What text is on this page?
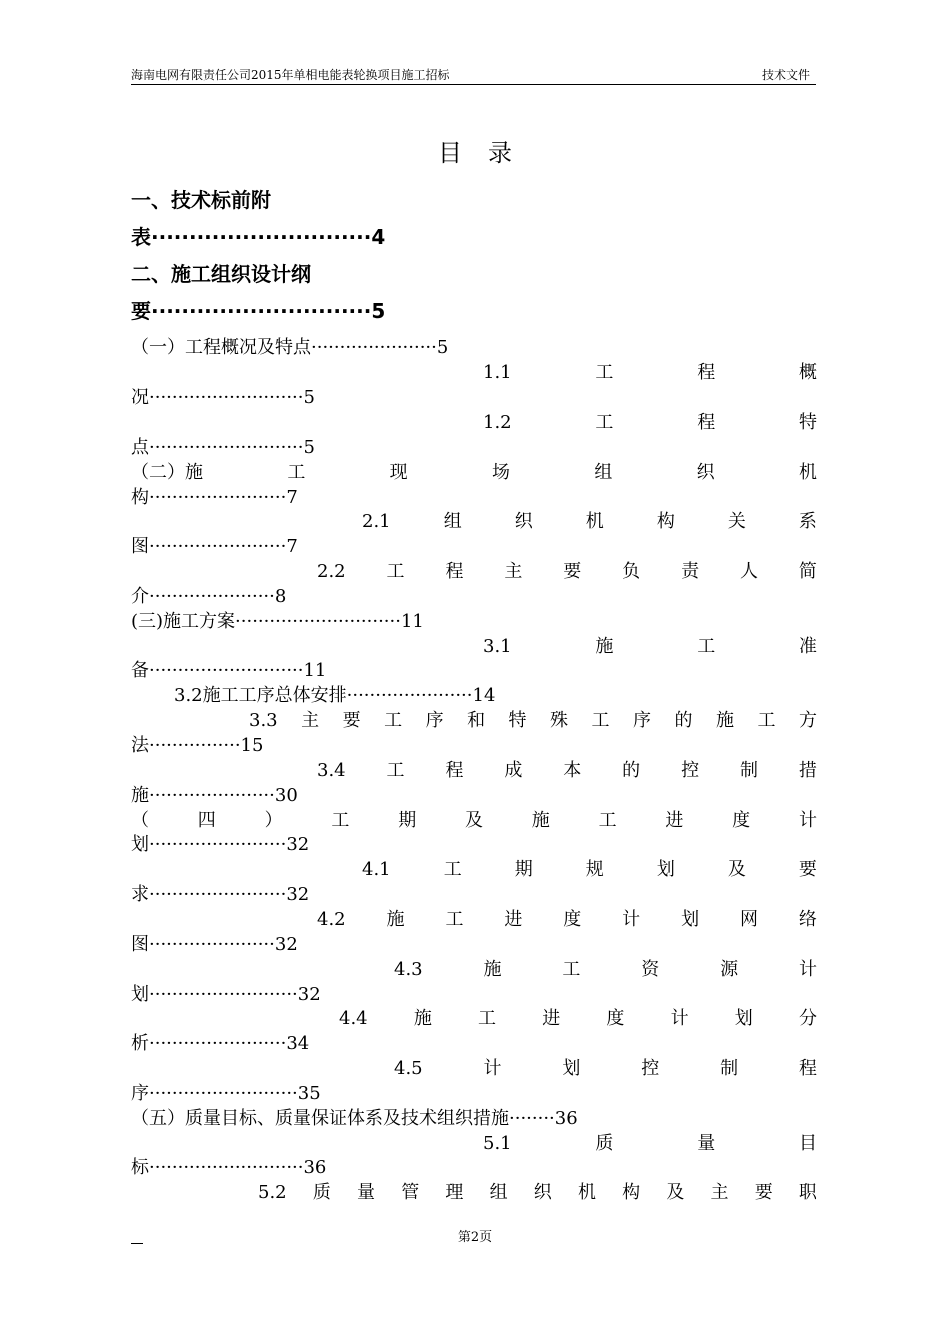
海南电网有限责任公司2015年单相电能表轮换项目施工招标	技术文件
目录
一、技术标前附
表·····························4
二、施工组织设计纲
要·····························5
（一）工程概况及特点······················5
1.1	工	程	概
况···························5
1.2	工	程	特
点···························5
（二）施	工	现	场	组	织	机
构························7
2.1	组	织	机	构	关	系
图························7
2.2 工 程 主 要 负 责 人 简
介······················8
(三)施工方案·····························11
3.1	施	工	准
备···························11
3.2施工工序总体安排······················14
3.3 主 要 工 序 和 特 殊 工 序 的 施 工 方
法················15
3.4 工 程 成 本 的 控 制 措
施······················30
（	四	）	工	期	及	施	工	进	度	计
划························32
4.1	工	期	规	划	及	要
求························32
4.2 施 工 进 度 计 划 网 络
图······················32
4.3	施	工	资	源	计
划··························32
4.4	施	工	进	度	计	划	分
析························34
4.5	计	划	控	制	程
序··························35
（五）质量目标、质量保证体系及技术组织措施········36
5.1	质	量	目
标···························36
5.2 质 量 管 理 组 织 机 构 及 主 要 职
第2页
